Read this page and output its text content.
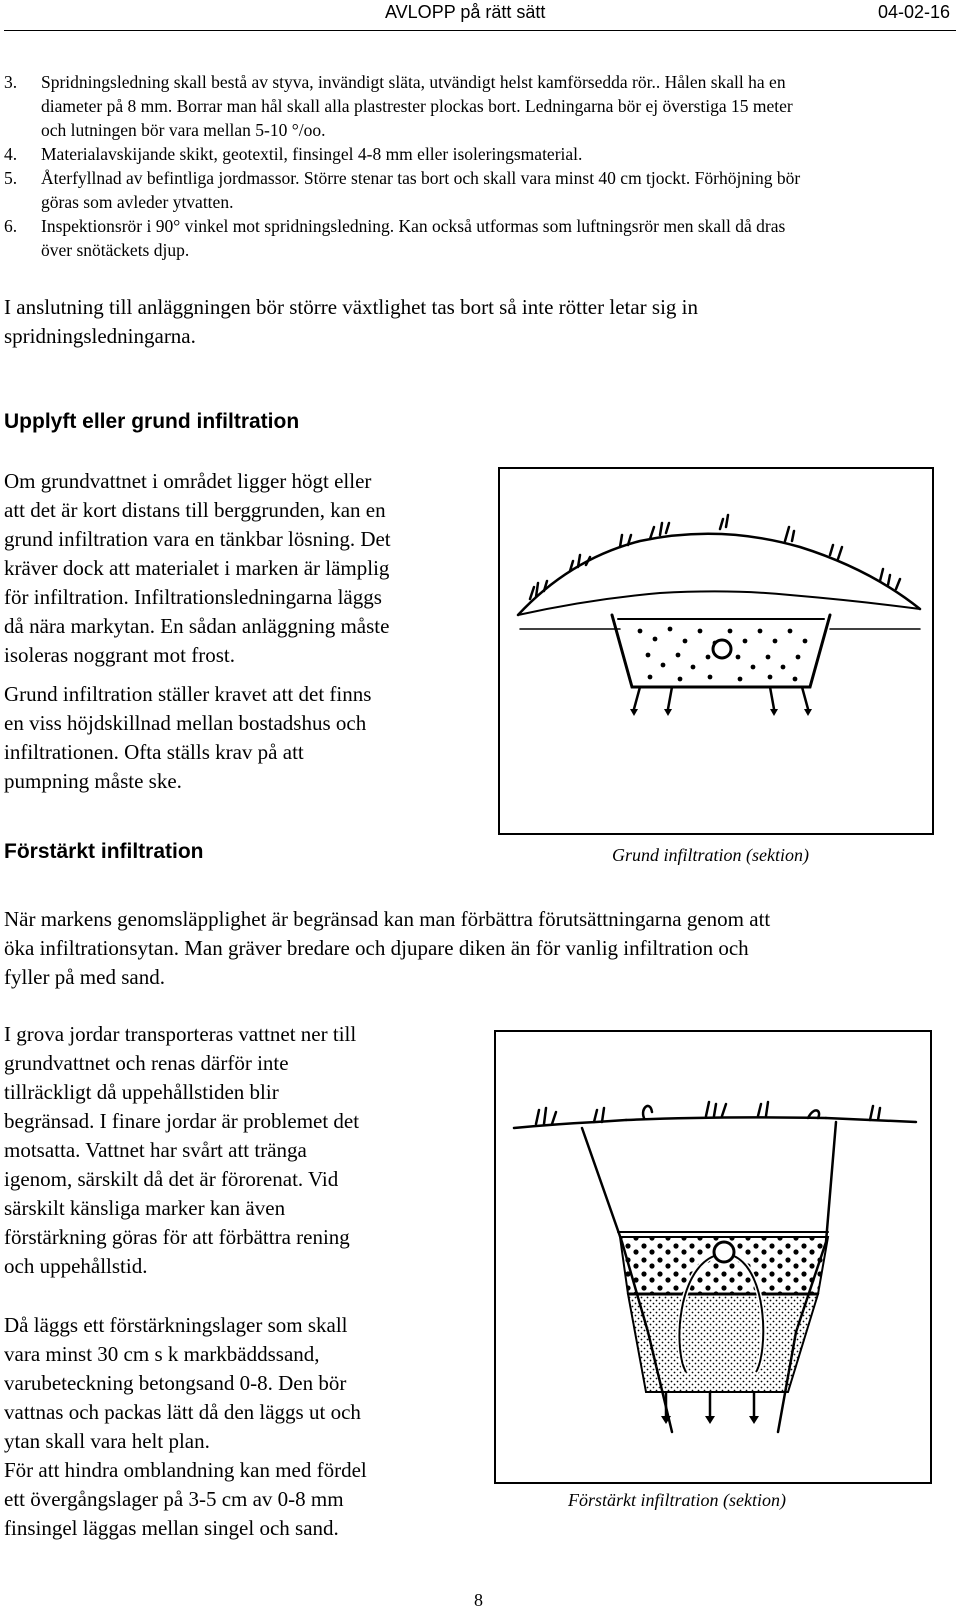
AVLOPP på rätt sätt	04-02-16
3. Spridningsledning skall bestå av styva, invändigt släta, utvändigt helst kamförsedda rör.. Hålen skall ha en
diameter på 8 mm. Borrar man hål skall alla plastrester plockas bort. Ledningarna bör ej överstiga 15 meter
och lutningen bör vara mellan 5-10 °/oo.
4. Materialavskijande skikt, geotextil, finsingel 4-8 mm eller isoleringsmaterial.
5. Återfyllnad av befintliga jordmassor. Större stenar tas bort och skall vara minst 40 cm tjockt. Förhöjning bör
göras som avleder ytvatten.
6. Inspektionsrör i 90° vinkel mot spridningsledning. Kan också utformas som luftningsrör men skall då dras
över snötäckets djup.
I anslutning till anläggningen bör större växtlighet tas bort så inte rötter letar sig in
spridningsledningarna.
Upplyft eller grund infiltration
Om grundvattnet i området ligger högt eller
att det är kort distans till berggrunden, kan en
grund infiltration vara en tänkbar lösning. Det
kräver dock att materialet i marken är lämplig
för infiltration. Infiltrationsledningarna läggs
då nära markytan. En sådan anläggning måste
isoleras noggrant mot frost.
Grund infiltration ställer kravet att det finns
en viss höjdskillnad mellan bostadshus och
infiltrationen. Ofta ställs krav på att
pumpning måste ske.
Grund infiltration (sektion)
Förstärkt infiltration
När markens genomsläpplighet är begränsad kan man förbättra förutsättningarna genom att
öka infiltrationsytan. Man gräver bredare och djupare diken än för vanlig infiltration och
fyller på med sand.
I grova jordar transporteras vattnet ner till
grundvattnet och renas därför inte
tillräckligt då uppehållstiden blir
begränsad. I finare jordar är problemet det
motsatta. Vattnet har svårt att tränga
igenom, särskilt då det är förorenat. Vid
särskilt känsliga marker kan även
förstärkning göras för att förbättra rening
och uppehållstid.
Då läggs ett förstärkningslager som skall
vara minst 30 cm s k markbäddssand,
varubeteckning betongsand 0-8. Den bör
vattnas och packas lätt då den läggs ut och
ytan skall vara helt plan.
För att hindra omblandning kan med fördel
ett övergångslager på 3-5 cm av 0-8 mm
finsingel läggas mellan singel och sand.
Förstärkt infiltration (sektion)
8
